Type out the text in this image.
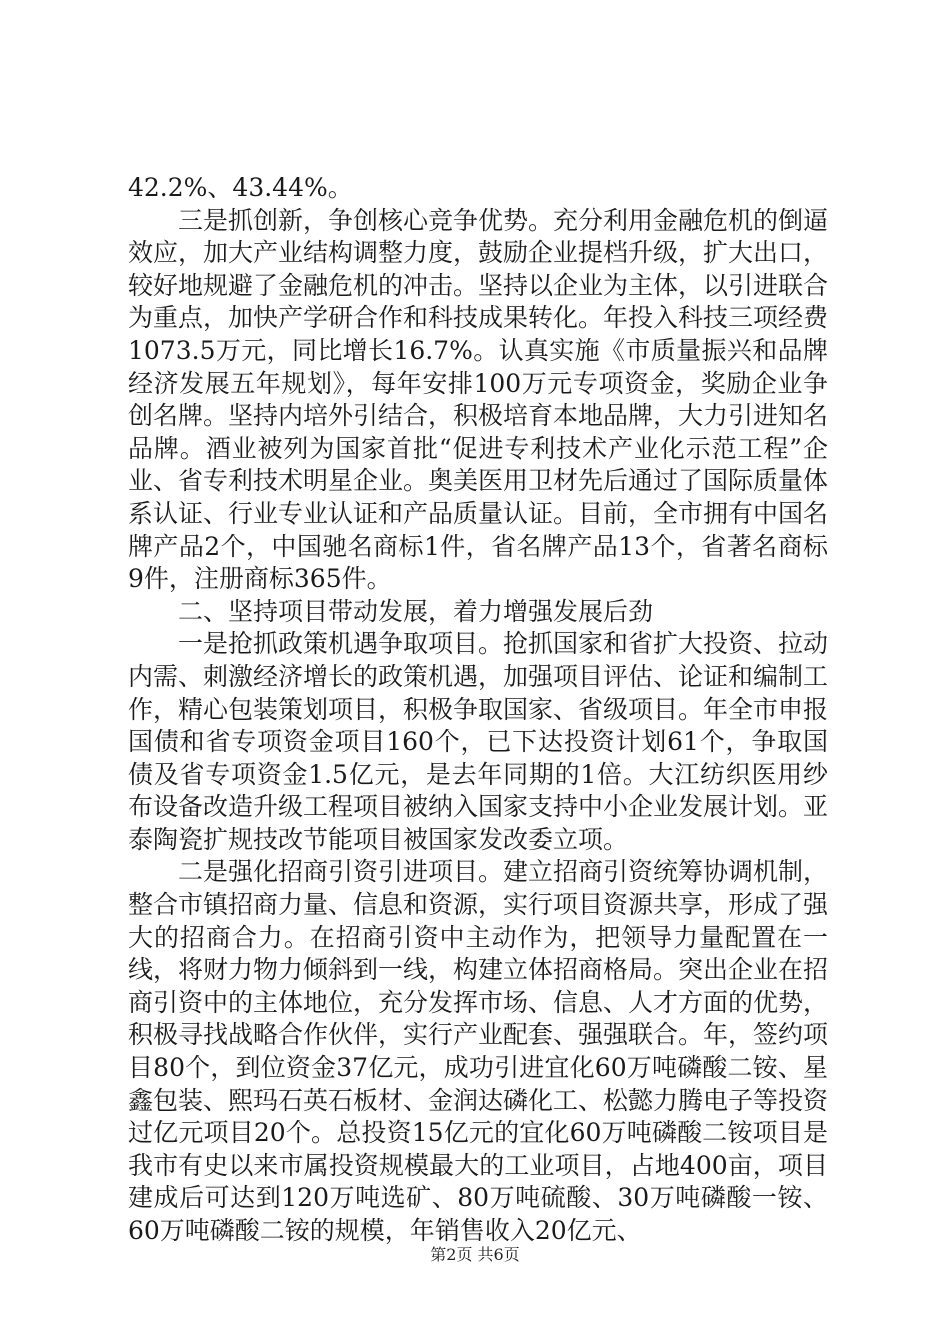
42.2%、43.44%。

三是抓创新，争创核心竞争优势。充分利用金融危机的倒逼效应，加大产业结构调整力度，鼓励企业提档升级，扩大出口，较好地规避了金融危机的冲击。坚持以企业为主体，以引进联合为重点，加快产学研合作和科技成果转化。年投入科技三项经费1073.5万元，同比增长16.7%。认真实施《市质量振兴和品牌经济发展五年规划》，每年安排100万元专项资金，奖励企业争创名牌。坚持内培外引结合，积极培育本地品牌，大力引进知名品牌。酒业被列为国家首批“促进专利技术产业化示范工程”企业、省专利技术明星企业。奥美医用卫材先后通过了国际质量体系认证、行业专业认证和产品质量认证。目前，全市拥有中国名牌产品2个，中国驰名商标1件，省名牌产品13个，省著名商标9件，注册商标365件。

二、坚持项目带动发展，着力增强发展后劲

一是抢抓政策机遇争取项目。抢抓国家和省扩大投资、拉动内需、刺激经济增长的政策机遇，加强项目评估、论证和编制工作，精心包装策划项目，积极争取国家、省级项目。年全市申报国债和省专项资金项目160个，已下达投资计划61个，争取国债及省专项资金1.5亿元，是去年同期的1倍。大江纺织医用纱布设备改造升级工程项目被纳入国家支持中小企业发展计划。亚泰陶瓷扩规技改节能项目被国家发改委立项。

二是强化招商引资引进项目。建立招商引资统筹协调机制，整合市镇招商力量、信息和资源，实行项目资源共享，形成了强大的招商合力。在招商引资中主动作为，把领导力量配置在一线，将财力物力倾斜到一线，构建立体招商格局。突出企业在招商引资中的主体地位，充分发挥市场、信息、人才方面的优势，积极寻找战略合作伙伴，实行产业配套、强强联合。年，签约项目80个，到位资金37亿元，成功引进宜化60万吨磷酸二铵、星鑫包装、熙玛石英石板材、金润达磷化工、松懿力腾电子等投资过亿元项目20个。总投资15亿元的宜化60万吨磷酸二铵项目是我市有史以来市属投资规模最大的工业项目，占地400亩，项目建成后可达到120万吨选矿、80万吨硫酸、30万吨磷酸一铵、60万吨磷酸二铵的规模，年销售收入20亿元、

第2页 共6页
